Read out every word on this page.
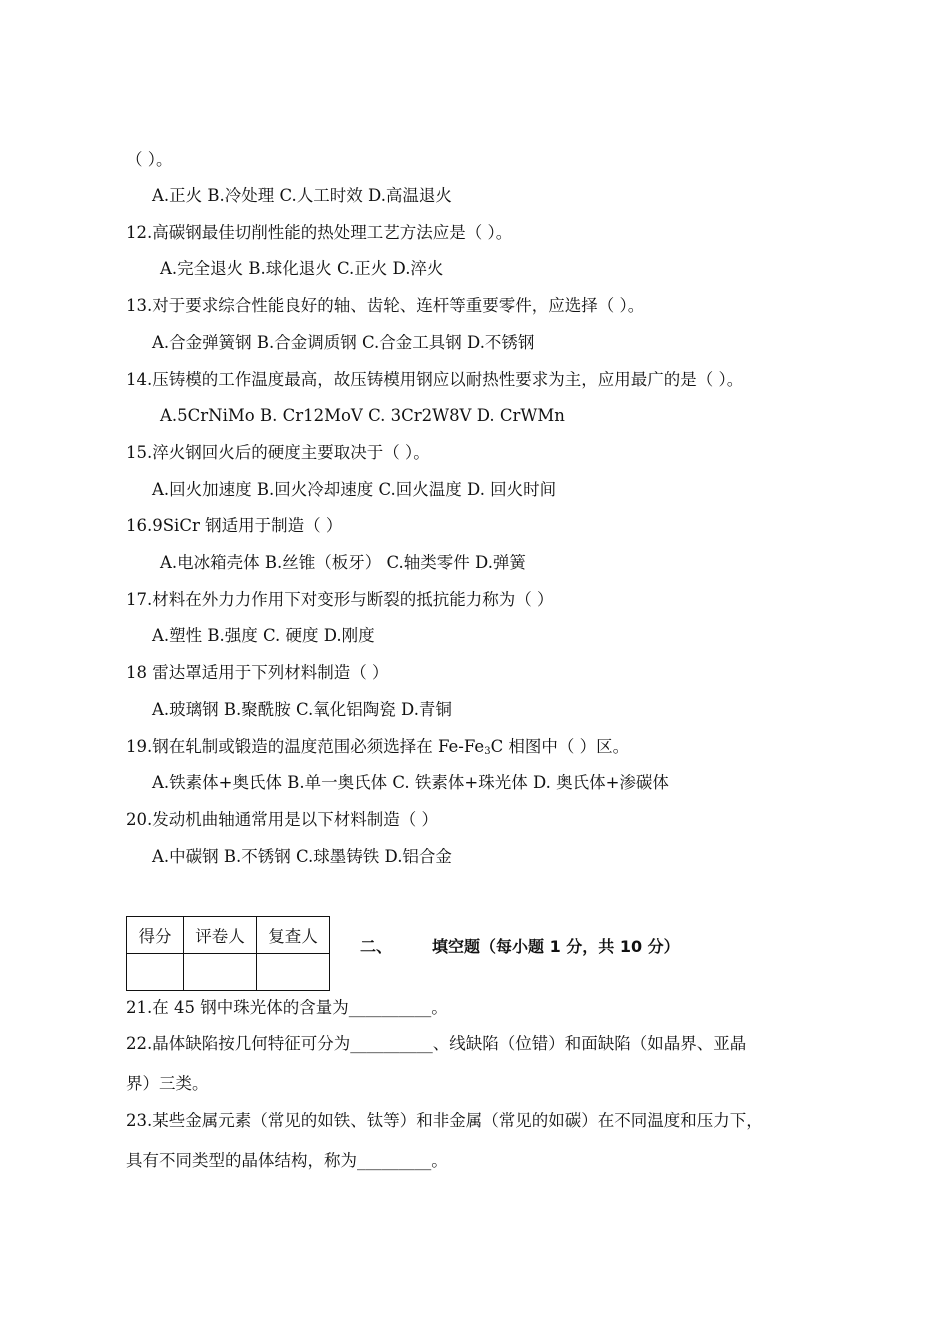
（ ）。
A.正火 B.冷处理 C.人工时效 D.高温退火
12.高碳钢最佳切削性能的热处理工艺方法应是（ ）。
A.完全退火 B.球化退火 C.正火 D.淬火
13.对于要求综合性能良好的轴、齿轮、连杆等重要零件，应选择（ ）。
A.合金弹簧钢 B.合金调质钢 C.合金工具钢 D.不锈钢
14.压铸模的工作温度最高，故压铸模用钢应以耐热性要求为主，应用最广的是（ ）。
A.5CrNiMo B. Cr12MoV C. 3Cr2W8V D. CrWMn
15.淬火钢回火后的硬度主要取决于（ ）。
A.回火加速度 B.回火冷却速度 C.回火温度 D. 回火时间
16.9SiCr 钢适用于制造（ ）
A.电冰箱壳体 B.丝锥（板牙） C.轴类零件 D.弹簧
17.材料在外力力作用下对变形与断裂的抵抗能力称为（ ）
A.塑性 B.强度 C. 硬度 D.刚度
18 雷达罩适用于下列材料制造（ ）
A.玻璃钢 B.聚酰胺 C.氧化铝陶瓷 D.青铜
19.钢在轧制或锻造的温度范围必须选择在 $Fe-Fe_3C$ 相图中（ ）区。
A.铁素体+奥氏体 B.单一奥氏体 C. 铁素体+珠光体 D. 奥氏体+渗碳体
20.发动机曲轴通常用是以下材料制造（ ）
A.中碳钢 B.不锈钢 C.球墨铸铁 D.铝合金
得分	评卷人	复查人

二、 填空题（每小题 1 分，共 10 分）
21.在 45 钢中珠光体的含量为__________。
22.晶体缺陷按几何特征可分为__________、线缺陷（位错）和面缺陷（如晶界、亚晶
界）三类。
23.某些金属元素（常见的如铁、钛等）和非金属（常见的如碳）在不同温度和压力下，
具有不同类型的晶体结构，称为_________。
